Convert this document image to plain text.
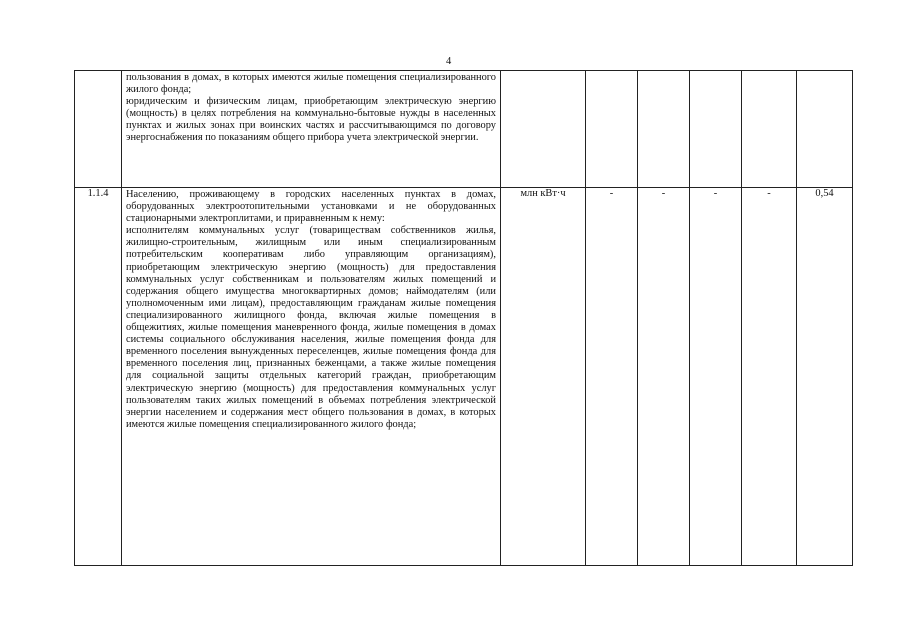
4

	пользования в домах, в которых имеются жилые помещения специализированного жилого фонда;

юридическим и физическим лицам, приобретающим электрическую энергию (мощность) в целях потребления на коммунально-бытовые нужды в населенных пунктах и жилых зонах при воинских частях и рассчитывающимся по договору энергоснабжения по показаниям общего прибора учета электрической энергии.						

1.1.4	Населению, проживающему в городских населенных пунктах в домах, оборудованных электроотопительными установками и не оборудованных стационарными электроплитами, и приравненным к нему:

исполнителям коммунальных услуг (товариществам собственников жилья, жилищно-строительным, жилищным или иным специализированным потребительским кооперативам либо управляющим организациям), приобретающим электрическую энергию (мощность) для предоставления коммунальных услуг собственникам и пользователям жилых помещений и содержания общего имущества многоквартирных домов; наймодателям (или уполномоченным ими лицам), предоставляющим гражданам жилые помещения специализированного жилищного фонда, включая жилые помещения в общежитиях, жилые помещения маневренного фонда, жилые помещения в домах системы социального обслуживания населения, жилые помещения фонда для временного поселения вынужденных переселенцев, жилые помещения фонда для временного поселения лиц, признанных беженцами, а также жилые помещения для социальной защиты отдельных категорий граждан, приобретающим электрическую энергию (мощность) для предоставления коммунальных услуг пользователям таких жилых помещений в объемах потребления электрической энергии населением и содержания мест общего пользования в домах, в которых имеются жилые помещения специализированного жилого фонда;	млн кВт·ч	-	-	-	-	0,54
